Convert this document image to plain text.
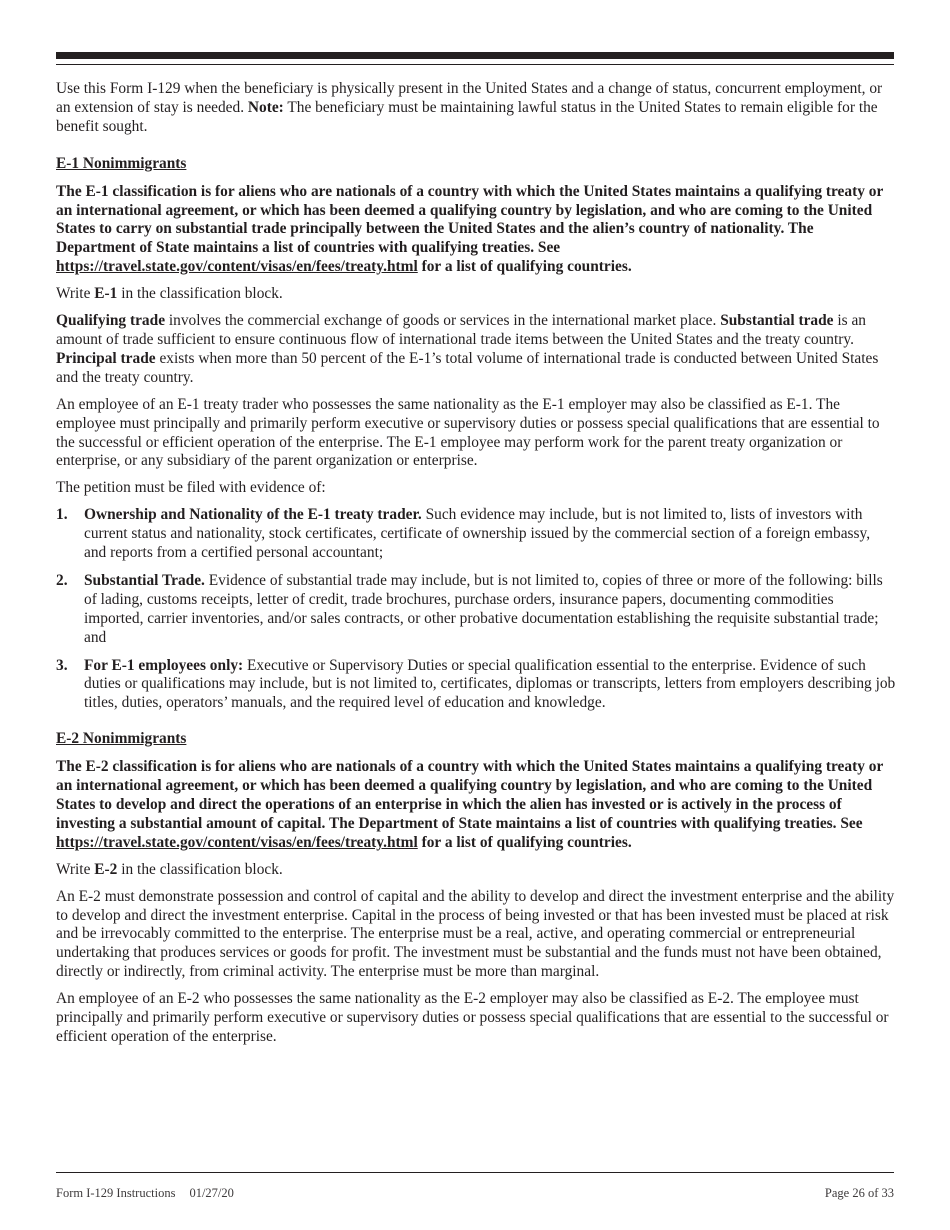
Use this Form I-129 when the beneficiary is physically present in the United States and a change of status, concurrent employment, or an extension of stay is needed. Note: The beneficiary must be maintaining lawful status in the United States to remain eligible for the benefit sought.

E-1 Nonimmigrants

The E-1 classification is for aliens who are nationals of a country with which the United States maintains a qualifying treaty or an international agreement, or which has been deemed a qualifying country by legislation, and who are coming to the United States to carry on substantial trade principally between the United States and the alien’s country of nationality. The Department of State maintains a list of countries with qualifying treaties. See https://travel.state.gov/content/visas/en/fees/treaty.html for a list of qualifying countries.

Write E-1 in the classification block.

Qualifying trade involves the commercial exchange of goods or services in the international market place. Substantial trade is an amount of trade sufficient to ensure continuous flow of international trade items between the United States and the treaty country. Principal trade exists when more than 50 percent of the E-1’s total volume of international trade is conducted between United States and the treaty country.

An employee of an E-1 treaty trader who possesses the same nationality as the E-1 employer may also be classified as E-1. The employee must principally and primarily perform executive or supervisory duties or possess special qualifications that are essential to the successful or efficient operation of the enterprise. The E-1 employee may perform work for the parent treaty organization or enterprise, or any subsidiary of the parent organization or enterprise.

The petition must be filed with evidence of:

1.	Ownership and Nationality of the E-1 treaty trader. Such evidence may include, but is not limited to, lists of investors with current status and nationality, stock certificates, certificate of ownership issued by the commercial section of a foreign embassy, and reports from a certified personal accountant;
2.	Substantial Trade. Evidence of substantial trade may include, but is not limited to, copies of three or more of the following: bills of lading, customs receipts, letter of credit, trade brochures, purchase orders, insurance papers, documenting commodities imported, carrier inventories, and/or sales contracts, or other probative documentation establishing the requisite substantial trade; and
3.	For E-1 employees only: Executive or Supervisory Duties or special qualification essential to the enterprise. Evidence of such duties or qualifications may include, but is not limited to, certificates, diplomas or transcripts, letters from employers describing job titles, duties, operators’ manuals, and the required level of education and knowledge.
E-2 Nonimmigrants

The E-2 classification is for aliens who are nationals of a country with which the United States maintains a qualifying treaty or an international agreement, or which has been deemed a qualifying country by legislation, and who are coming to the United States to develop and direct the operations of an enterprise in which the alien has invested or is actively in the process of investing a substantial amount of capital. The Department of State maintains a list of countries with qualifying treaties. See https://travel.state.gov/content/visas/en/fees/treaty.html for a list of qualifying countries.

Write E-2 in the classification block.

An E-2 must demonstrate possession and control of capital and the ability to develop and direct the investment enterprise and the ability to develop and direct the investment enterprise. Capital in the process of being invested or that has been invested must be placed at risk and be irrevocably committed to the enterprise. The enterprise must be a real, active, and operating commercial or entrepreneurial undertaking that produces services or goods for profit. The investment must be substantial and the funds must not have been obtained, directly or indirectly, from criminal activity. The enterprise must be more than marginal.

An employee of an E-2 who possesses the same nationality as the E-2 employer may also be classified as E-2. The employee must principally and primarily perform executive or supervisory duties or possess special qualifications that are essential to the successful or efficient operation of the enterprise.

Form I-129 Instructions 01/27/20	Page 26 of 33
